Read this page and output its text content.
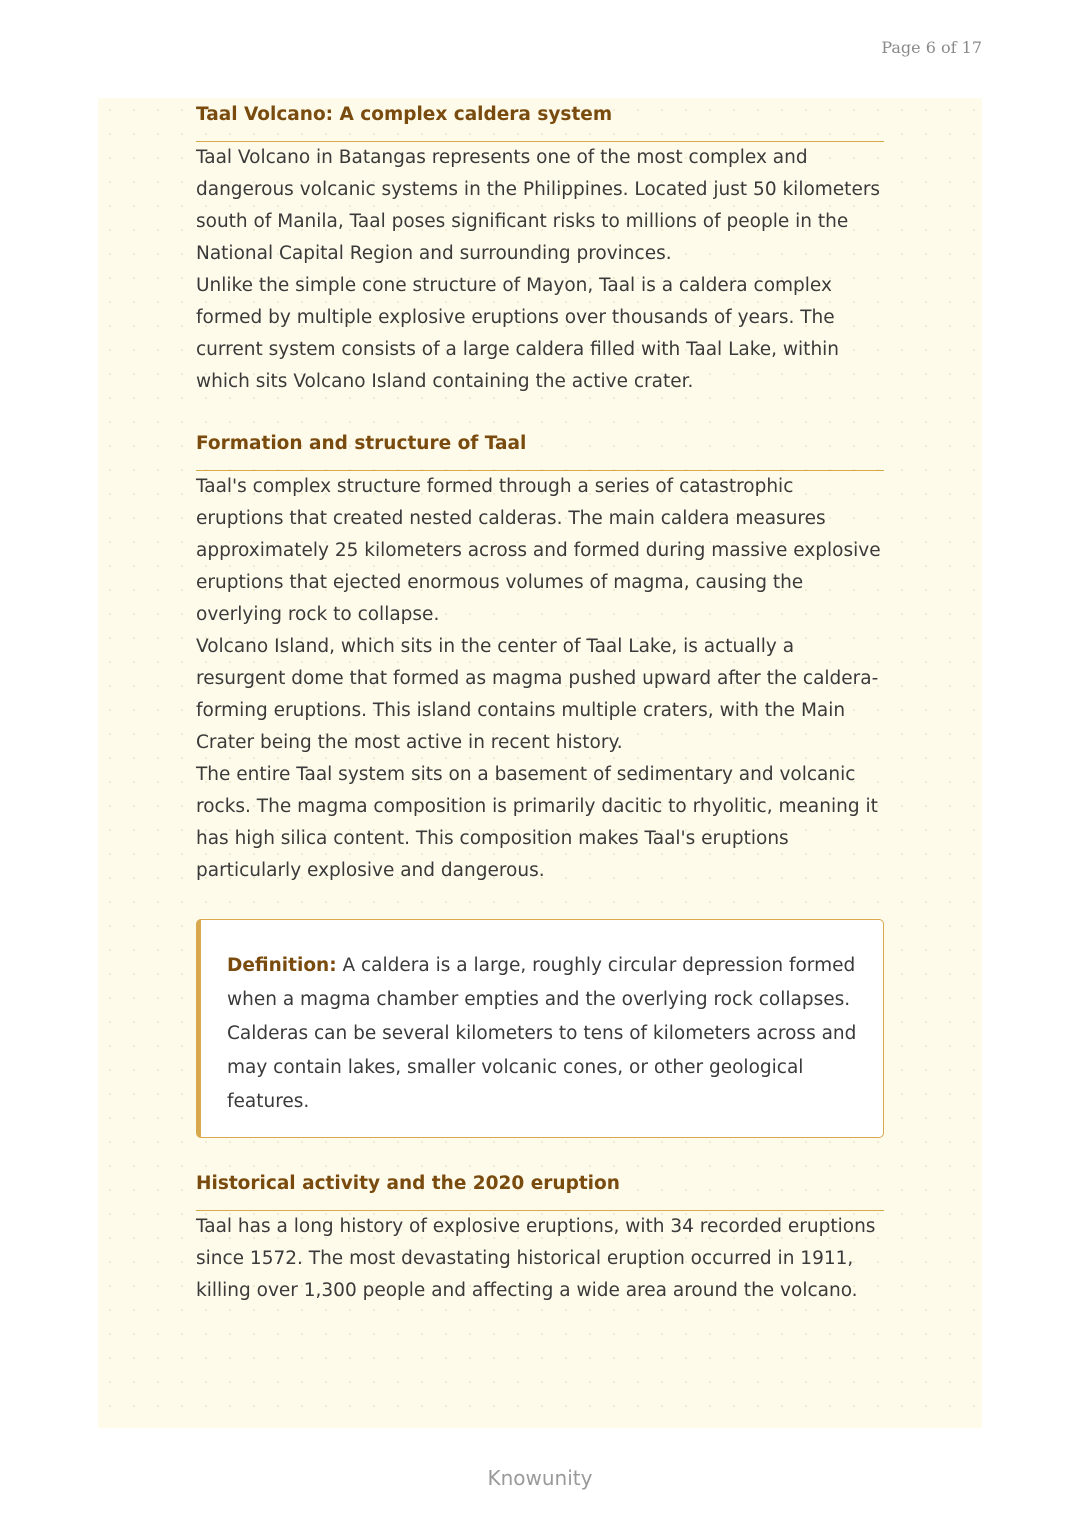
Page 6 of 17
Taal Volcano: A complex caldera system

Taal Volcano in Batangas represents one of the most complex and dangerous volcanic systems in the Philippines. Located just 50 kilometers south of Manila, Taal poses significant risks to millions of people in the National Capital Region and surrounding provinces.

Unlike the simple cone structure of Mayon, Taal is a caldera complex formed by multiple explosive eruptions over thousands of years. The current system consists of a large caldera filled with Taal Lake, within which sits Volcano Island containing the active crater.

Formation and structure of Taal

Taal's complex structure formed through a series of catastrophic eruptions that created nested calderas. The main caldera measures approximately 25 kilometers across and formed during massive explosive eruptions that ejected enormous volumes of magma, causing the overlying rock to collapse.

Volcano Island, which sits in the center of Taal Lake, is actually a resurgent dome that formed as magma pushed upward after the caldera-forming eruptions. This island contains multiple craters, with the Main Crater being the most active in recent history.

The entire Taal system sits on a basement of sedimentary and volcanic rocks. The magma composition is primarily dacitic to rhyolitic, meaning it has high silica content. This composition makes Taal's eruptions particularly explosive and dangerous.

Definition: A caldera is a large, roughly circular depression formed when a magma chamber empties and the overlying rock collapses. Calderas can be several kilometers to tens of kilometers across and may contain lakes, smaller volcanic cones, or other geological features.

Historical activity and the 2020 eruption

Taal has a long history of explosive eruptions, with 34 recorded eruptions since 1572. The most devastating historical eruption occurred in 1911, killing over 1,300 people and affecting a wide area around the volcano.

Knowunity
